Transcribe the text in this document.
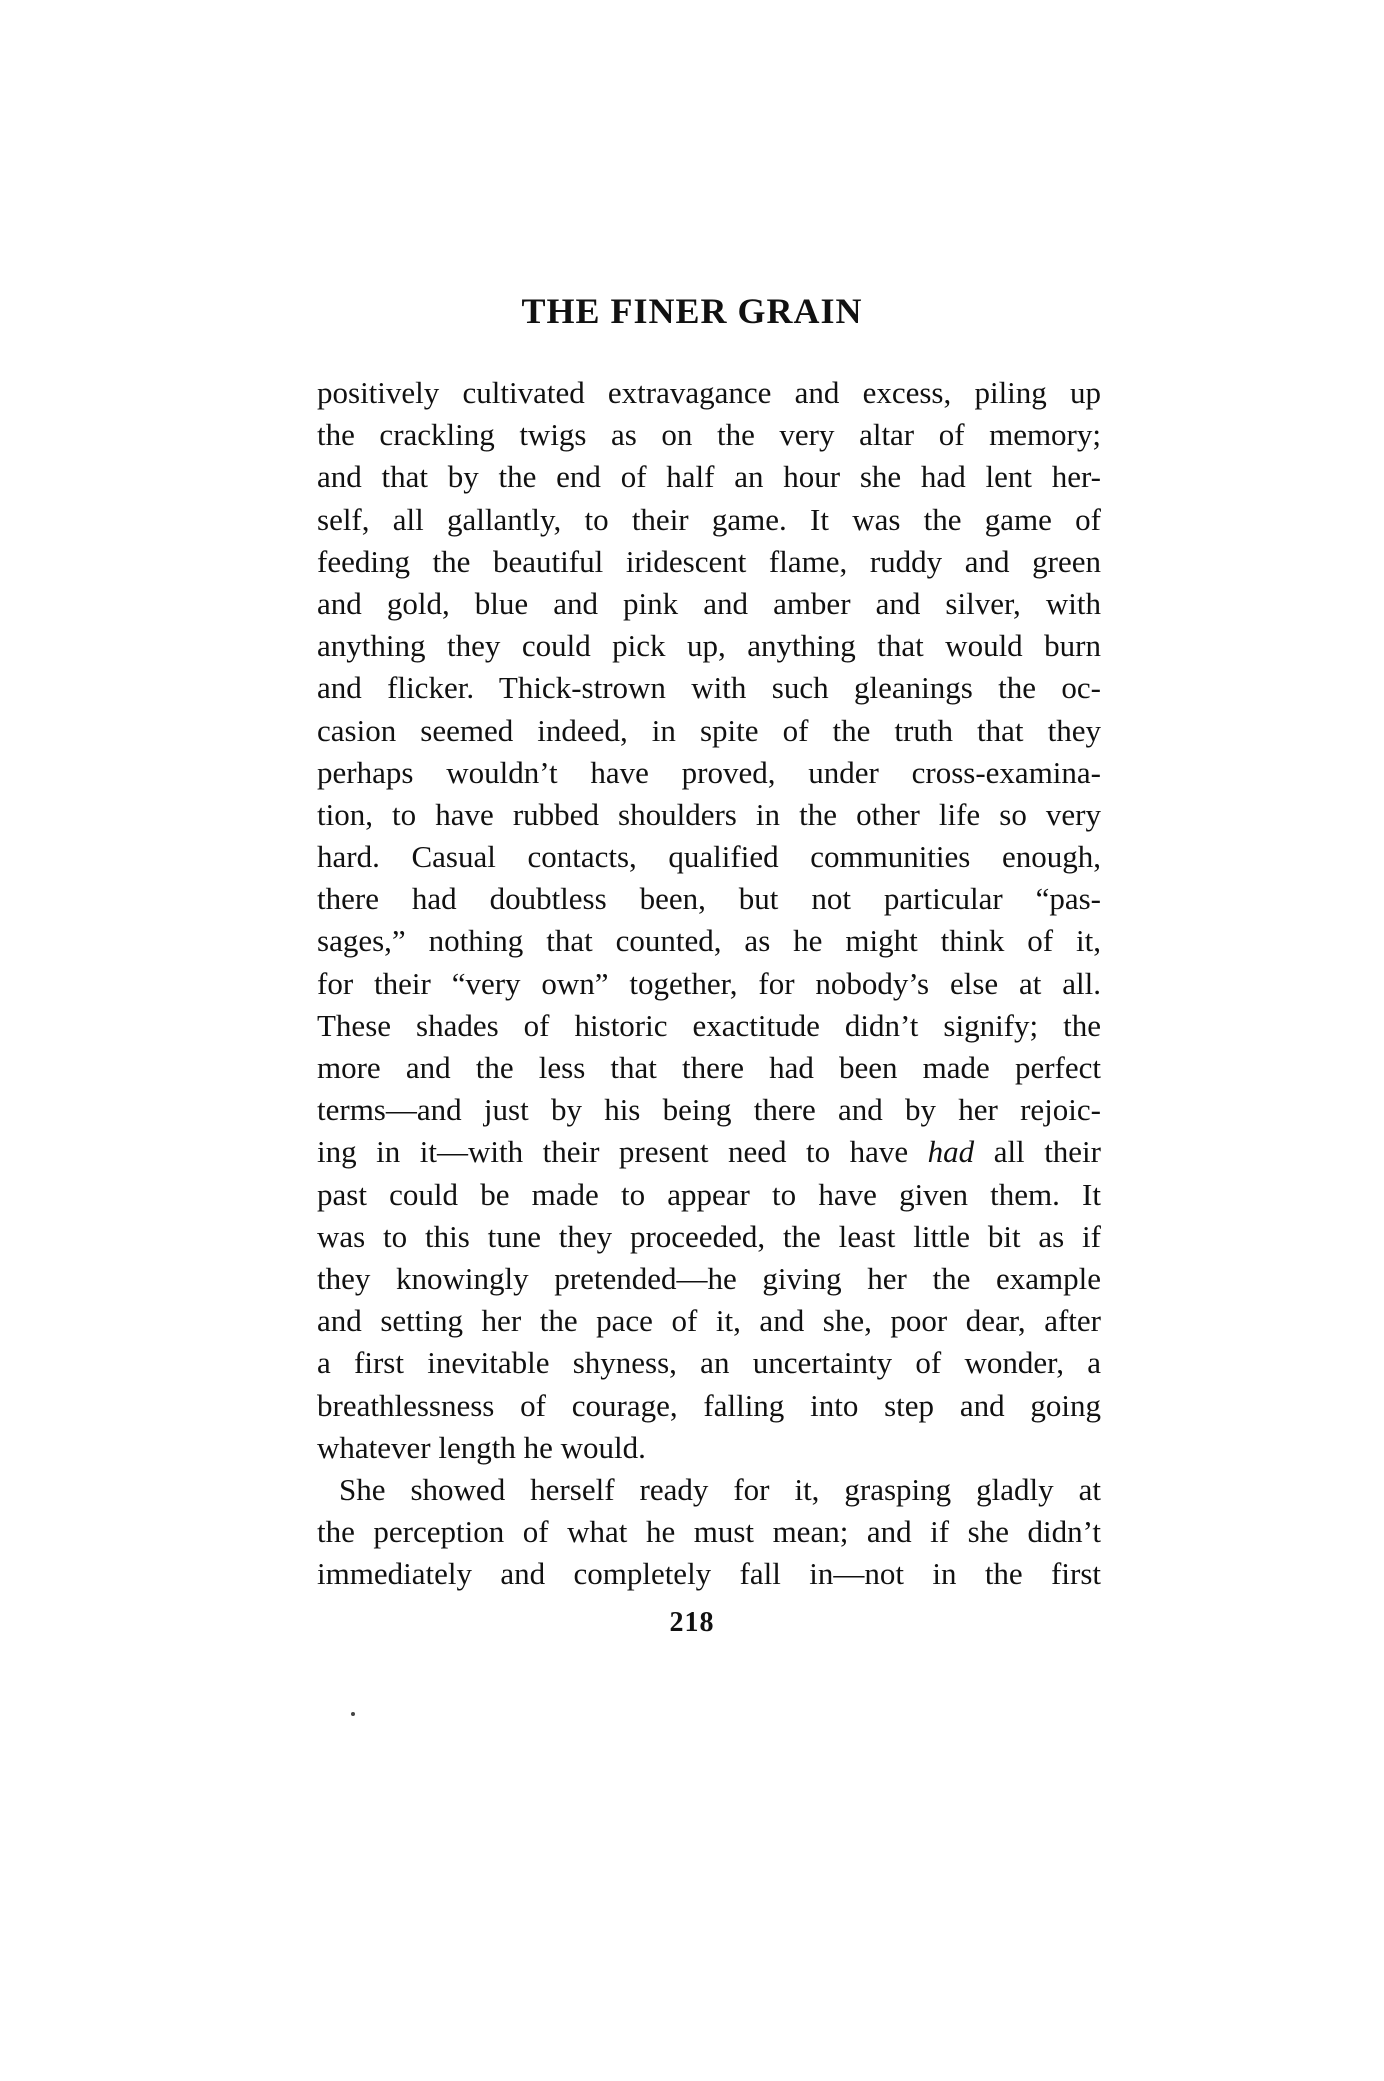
THE FINER GRAIN
positively cultivated extravagance and excess, piling up
the crackling twigs as on the very altar of memory;
and that by the end of half an hour she had lent her-
self, all gallantly, to their game. It was the game of
feeding the beautiful iridescent flame, ruddy and green
and gold, blue and pink and amber and silver, with
anything they could pick up, anything that would burn
and flicker. Thick-strown with such gleanings the oc-
casion seemed indeed, in spite of the truth that they
perhaps wouldn’t have proved, under cross-examina-
tion, to have rubbed shoulders in the other life so very
hard. Casual contacts, qualified communities enough,
there had doubtless been, but not particular “pas-
sages,” nothing that counted, as he might think of it,
for their “very own” together, for nobody’s else at all.
These shades of historic exactitude didn’t signify; the
more and the less that there had been made perfect
terms—and just by his being there and by her rejoic-
ing in it—with their present need to have had all their
past could be made to appear to have given them. It
was to this tune they proceeded, the least little bit as if
they knowingly pretended—he giving her the example
and setting her the pace of it, and she, poor dear, after
a first inevitable shyness, an uncertainty of wonder, a
breathlessness of courage, falling into step and going
whatever length he would.
She showed herself ready for it, grasping gladly at
the perception of what he must mean; and if she didn’t
immediately and completely fall in—not in the first
218
